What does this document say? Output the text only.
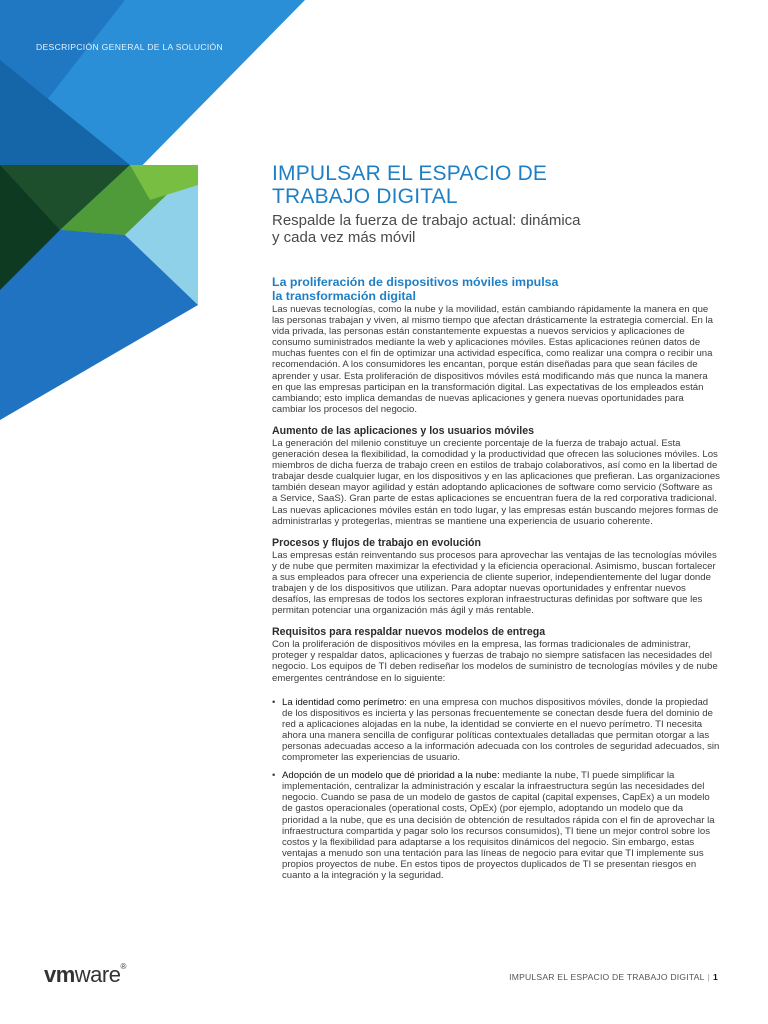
DESCRIPCIÓN GENERAL DE LA SOLUCIÓN
IMPULSAR EL ESPACIO DE
TRABAJO DIGITAL

Respalde la fuerza de trabajo actual: dinámica
y cada vez más móvil

La proliferación de dispositivos móviles impulsa
la transformación digital

Las nuevas tecnologías, como la nube y la movilidad, están cambiando rápidamente la manera en que las personas trabajan y viven, al mismo tiempo que afectan drásticamente la estrategia comercial. En la vida privada, las personas están constantemente expuestas a nuevos servicios y aplicaciones de consumo suministrados mediante la web y aplicaciones móviles. Estas aplicaciones reúnen datos de muchas fuentes con el fin de optimizar una actividad específica, como realizar una compra o recibir una recomendación. A los consumidores les encantan, porque están diseñadas para que sean fáciles de aprender y usar. Esta proliferación de dispositivos móviles está modificando más que nunca la manera en que las empresas participan en la transformación digital. Las expectativas de los empleados están cambiando; esto implica demandas de nuevas aplicaciones y genera nuevas oportunidades para cambiar los procesos del negocio.

Aumento de las aplicaciones y los usuarios móviles

La generación del milenio constituye un creciente porcentaje de la fuerza de trabajo actual. Esta generación desea la flexibilidad, la comodidad y la productividad que ofrecen las soluciones móviles. Los miembros de dicha fuerza de trabajo creen en estilos de trabajo colaborativos, así como en la libertad de trabajar desde cualquier lugar, en los dispositivos y en las aplicaciones que prefieran. Las organizaciones también desean mayor agilidad y están adoptando aplicaciones de software como servicio (Software as a Service, SaaS). Gran parte de estas aplicaciones se encuentran fuera de la red corporativa tradicional. Las nuevas aplicaciones móviles están en todo lugar, y las empresas están buscando mejores formas de administrarlas y protegerlas, mientras se mantiene una experiencia de usuario coherente.

Procesos y flujos de trabajo en evolución

Las empresas están reinventando sus procesos para aprovechar las ventajas de las tecnologías móviles y de nube que permiten maximizar la efectividad y la eficiencia operacional. Asimismo, buscan fortalecer a sus empleados para ofrecer una experiencia de cliente superior, independientemente del lugar donde trabajen y de los dispositivos que utilizan. Para adoptar nuevas oportunidades y enfrentar nuevos desafíos, las empresas de todos los sectores exploran infraestructuras definidas por software que les permitan potenciar una organización más ágil y más rentable.

Requisitos para respaldar nuevos modelos de entrega

Con la proliferación de dispositivos móviles en la empresa, las formas tradicionales de administrar, proteger y respaldar datos, aplicaciones y fuerzas de trabajo no siempre satisfacen las necesidades del negocio. Los equipos de TI deben rediseñar los modelos de suministro de tecnologías móviles y de nube emergentes centrándose en lo siguiente:

• La identidad como perímetro: en una empresa con muchos dispositivos móviles, donde la propiedad de los dispositivos es incierta y las personas frecuentemente se conectan desde fuera del dominio de red a aplicaciones alojadas en la nube, la identidad se convierte en el nuevo perímetro. TI necesita ahora una manera sencilla de configurar políticas contextuales detalladas que permitan otorgar a las personas adecuadas acceso a la información adecuada con los controles de seguridad adecuados, sin comprometer las experiencias de usuario.
• Adopción de un modelo que dé prioridad a la nube: mediante la nube, TI puede simplificar la implementación, centralizar la administración y escalar la infraestructura según las necesidades del negocio. Cuando se pasa de un modelo de gastos de capital (capital expenses, CapEx) a un modelo de gastos operacionales (operational costs, OpEx) (por ejemplo, adoptando un modelo que da prioridad a la nube, que es una decisión de obtención de resultados rápida con el fin de aprovechar la infraestructura compartida y pagar solo los recursos consumidos), TI tiene un mejor control sobre los costos y la flexibilidad para adaptarse a los requisitos dinámicos del negocio. Sin embargo, estas ventajas a menudo son una tentación para las líneas de negocio para evitar que TI implemente sus propios proyectos de nube. En estos tipos de proyectos duplicados de TI se presentan riesgos en cuanto a la integración y la seguridad.
vmware®
IMPULSAR EL ESPACIO DE TRABAJO DIGITAL | 1
